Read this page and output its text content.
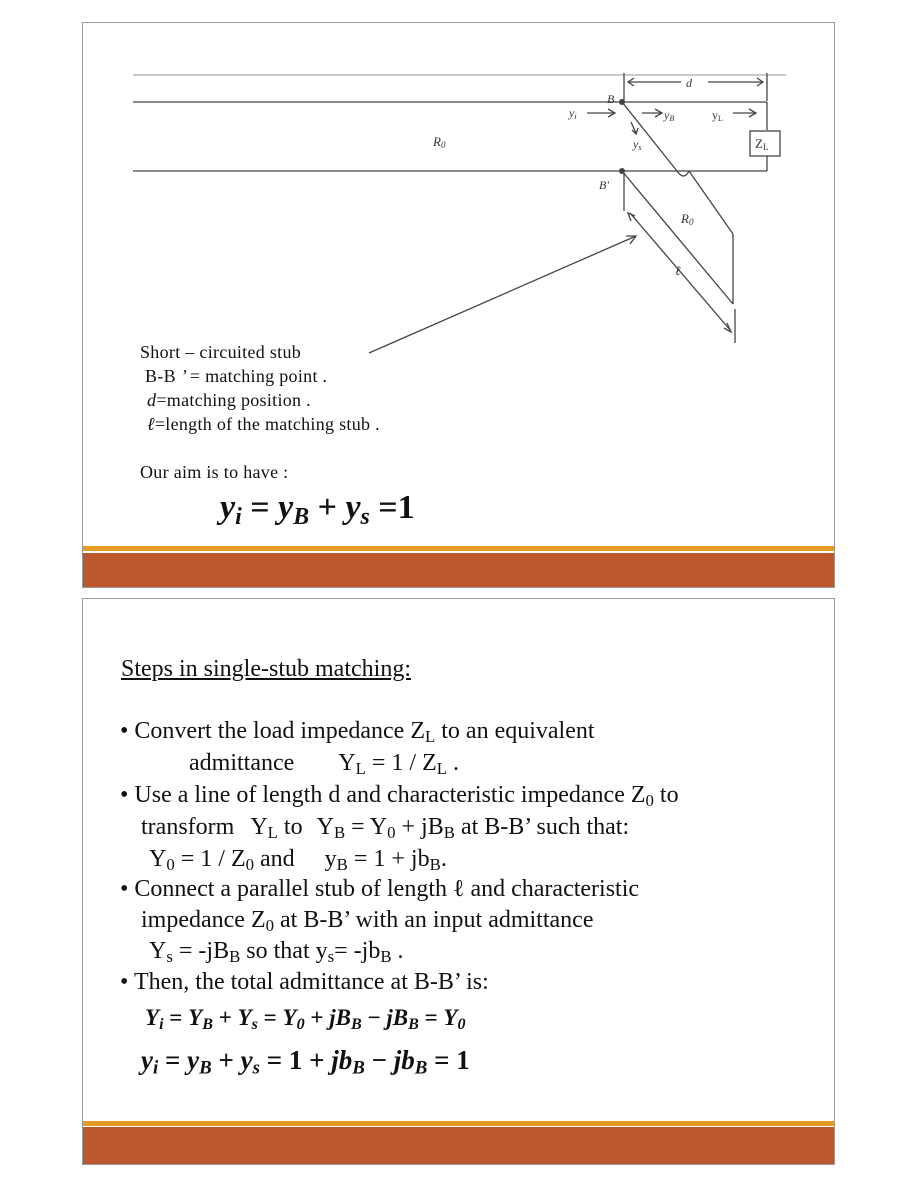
d
B
B'
yi	yB	yL
ys	ZL
R0
R0
ℓ
Short – circuited stub
B-B ’ = matching point .
d=matching position .
ℓ=length of the matching stub .
Our aim is to have :
$y_i = y_B + y_s =1$
Steps in single-stub matching:
• Convert the load impedance $Z_L$ to an equivalent
admittance $Y_L = 1 / Z_L$ .
• Use a line of length d and characteristic impedance $Z_0$ to
transform $Y_L$ to $Y_B = Y_0 + jB_B$ at B-B’ such that:
$Y_0 = 1 / Z_0$ and $y_B = 1 + jb_B$.
• Connect a parallel stub of length ℓ and characteristic
impedance $Z_0$ at B-B’ with an input admittance
$Y_s = -jB_B$ so that $y_s= -jb_B$ .
• Then, the total admittance at B-B’ is:
$Y_i = Y_B + Y_s = Y_0 + jB_B - jB_B = Y_0$
$y_i = y_B + y_s = 1 + jb_B - jb_B = 1$
